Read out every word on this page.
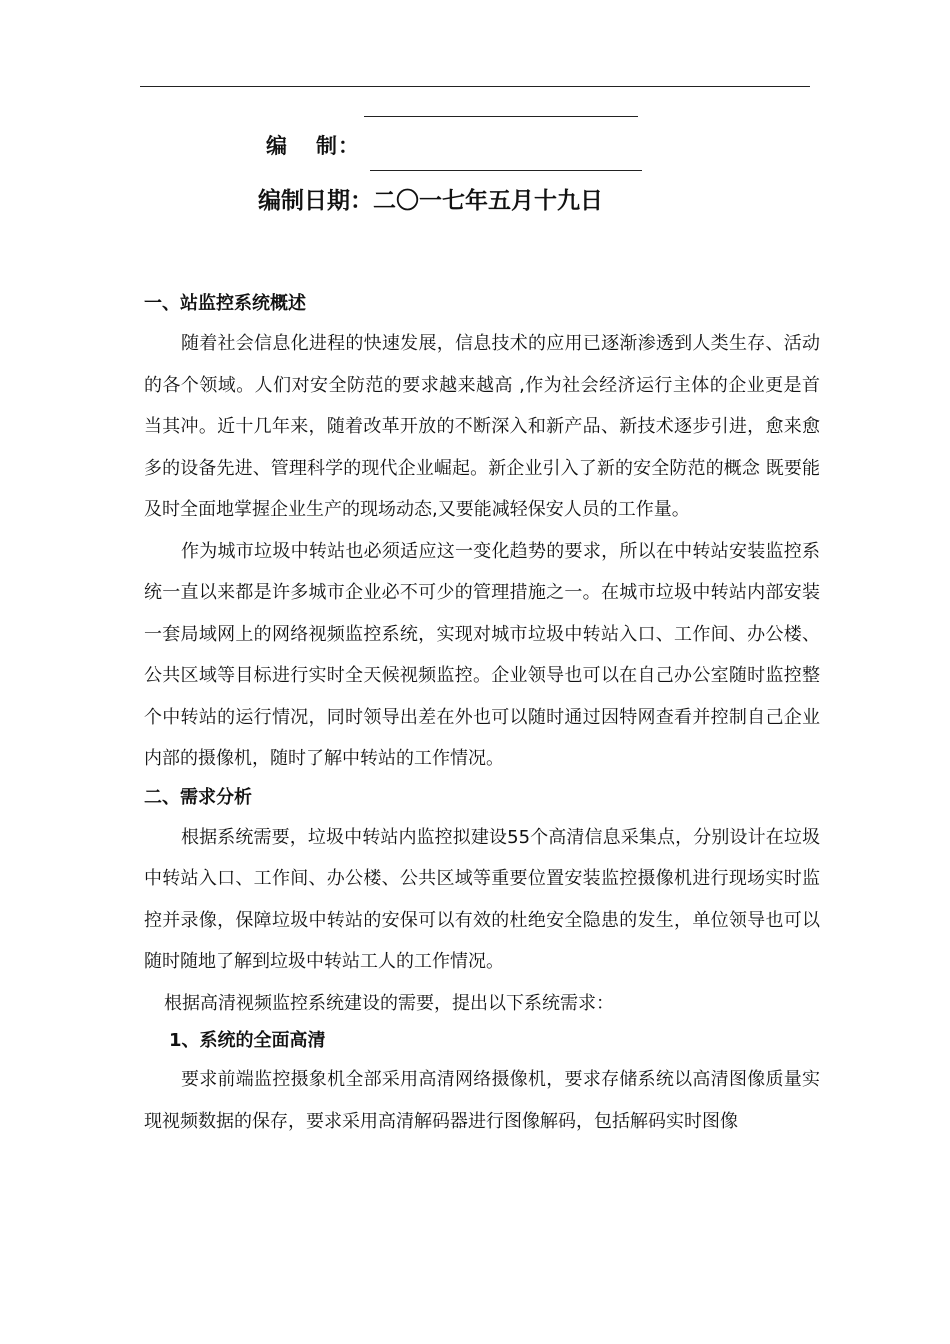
编 制：
编制日期：二〇一七年五月十九日
一、站监控系统概述

随着社会信息化进程的快速发展，信息技术的应用已逐渐渗透到人类生存、活动的各个领域。人们对安全防范的要求越来越高 ,作为社会经济运行主体的企业更是首当其冲。近十几年来，随着改革开放的不断深入和新产品、新技术逐步引进，愈来愈多的设备先进、管理科学的现代企业崛起。新企业引入了新的安全防范的概念 既要能及时全面地掌握企业生产的现场动态,又要能减轻保安人员的工作量。

作为城市垃圾中转站也必须适应这一变化趋势的要求，所以在中转站安装监控系统一直以来都是许多城市企业必不可少的管理措施之一。在城市垃圾中转站内部安装一套局域网上的网络视频监控系统，实现对城市垃圾中转站入口、工作间、办公楼、公共区域等目标进行实时全天候视频监控。企业领导也可以在自己办公室随时监控整个中转站的运行情况，同时领导出差在外也可以随时通过因特网查看并控制自己企业内部的摄像机，随时了解中转站的工作情况。

二、需求分析

根据系统需要，垃圾中转站内监控拟建设55个高清信息采集点，分别设计在垃圾中转站入口、工作间、办公楼、公共区域等重要位置安装监控摄像机进行现场实时监控并录像，保障垃圾中转站的安保可以有效的杜绝安全隐患的发生，单位领导也可以随时随地了解到垃圾中转站工人的工作情况。

根据高清视频监控系统建设的需要，提出以下系统需求：

1、系统的全面高清

要求前端监控摄象机全部采用高清网络摄像机，要求存储系统以高清图像质量实现视频数据的保存，要求采用高清解码器进行图像解码，包括解码实时图像
